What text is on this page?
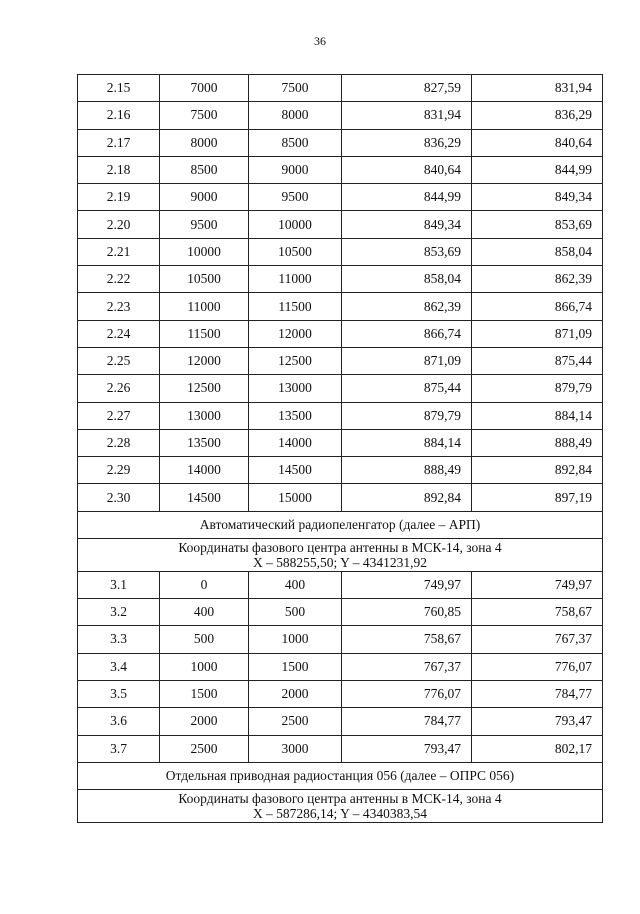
36
2.15	7000	7500	827,59	831,94
2.16	7500	8000	831,94	836,29
2.17	8000	8500	836,29	840,64
2.18	8500	9000	840,64	844,99
2.19	9000	9500	844,99	849,34
2.20	9500	10000	849,34	853,69
2.21	10000	10500	853,69	858,04
2.22	10500	11000	858,04	862,39
2.23	11000	11500	862,39	866,74
2.24	11500	12000	866,74	871,09
2.25	12000	12500	871,09	875,44
2.26	12500	13000	875,44	879,79
2.27	13000	13500	879,79	884,14
2.28	13500	14000	884,14	888,49
2.29	14000	14500	888,49	892,84
2.30	14500	15000	892,84	897,19
Автоматический радиопеленгатор (далее – АРП)				

Координаты фазового центра антенны в МСК-14, зона 4
X – 588255,50; Y – 4341231,92				

3.1	0	400	749,97	749,97
3.2	400	500	760,85	758,67
3.3	500	1000	758,67	767,37
3.4	1000	1500	767,37	776,07
3.5	1500	2000	776,07	784,77
3.6	2000	2500	784,77	793,47
3.7	2500	3000	793,47	802,17
Отдельная приводная радиостанция 056 (далее – ОПРС 056)				

Координаты фазового центра антенны в МСК-14, зона 4
X – 587286,14; Y – 4340383,54				
